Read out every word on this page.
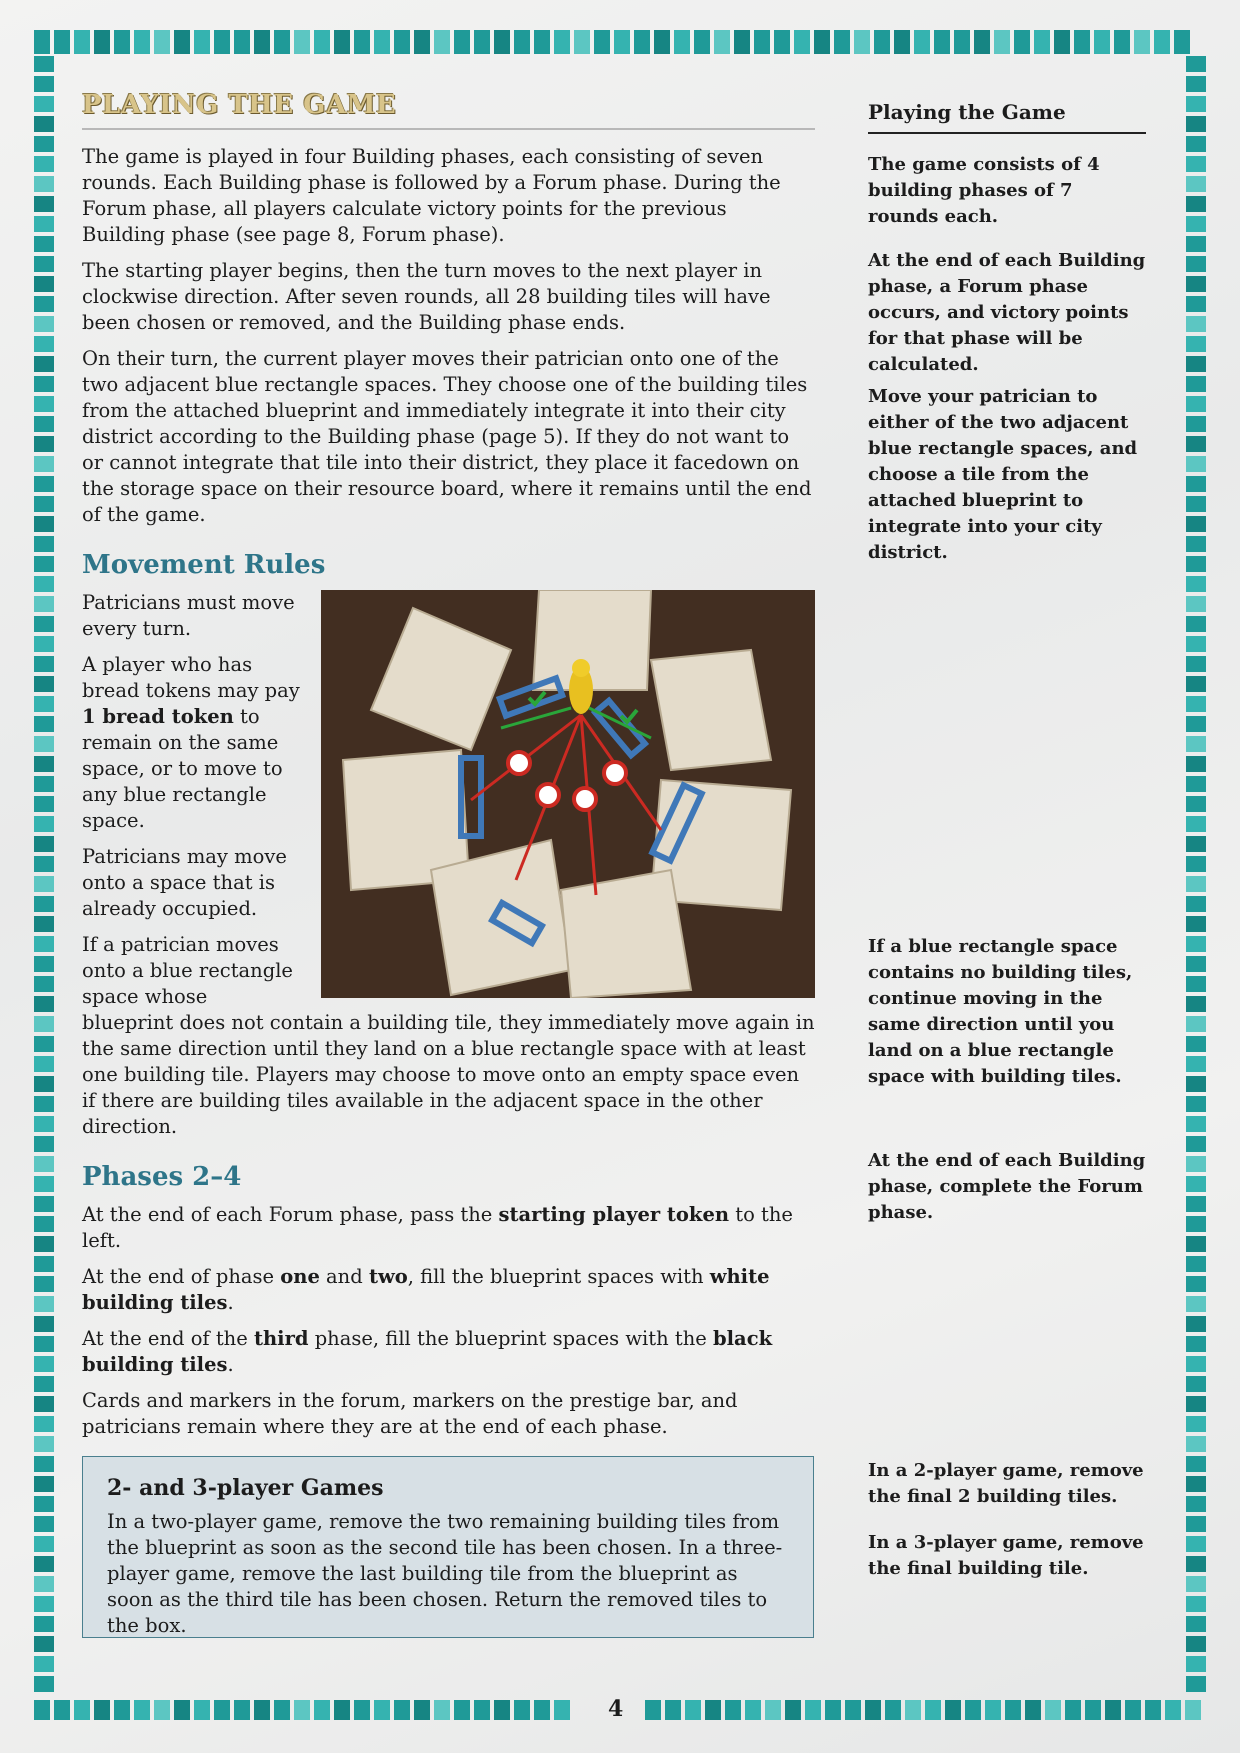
PLAYING THE GAME

The game is played in four Building phases, each consisting of seven rounds. Each Building phase is followed by a Forum phase. During the Forum phase, all players calculate victory points for the previous Building phase (see page 8, Forum phase).

The starting player begins, then the turn moves to the next player in clockwise direction. After seven rounds, all 28 building tiles will have been chosen or removed, and the Building phase ends.

On their turn, the current player moves their patrician onto one of the two adjacent blue rectangle spaces. They choose one of the building tiles from the attached blueprint and immediately integrate it into their city district according to the Building phase (page 5). If they do not want to or cannot integrate that tile into their district, they place it facedown on the storage space on their resource board, where it remains until the end of the game.

Movement Rules

Patricians must move every turn.

A player who has bread tokens may pay 1 bread token to remain on the same space, or to move to any blue rectangle space.

Patricians may move onto a space that is already occupied.

If a patrician moves onto a blue rectangle space whose blueprint does not contain a building tile, they immediately move again in the same direction until they land on a blue rectangle space with at least one building tile. Players may choose to move onto an empty space even if there are building tiles available in the adjacent space in the other direction.

Phases 2–4

At the end of each Forum phase, pass the starting player token to the left.

At the end of phase one and two, fill the blueprint spaces with white building tiles.

At the end of the third phase, fill the blueprint spaces with the black building tiles.

Cards and markers in the forum, markers on the prestige bar, and patricians remain where they are at the end of each phase.

2- and 3-player Games

In a two-player game, remove the two remaining building tiles from the blueprint as soon as the second tile has been chosen. In a three-player game, remove the last building tile from the blueprint as soon as the third tile has been chosen. Return the removed tiles to the box.

Playing the Game

The game consists of 4 building phases of 7 rounds each.

At the end of each Building phase, a Forum phase occurs, and victory points for that phase will be calculated.

Move your patrician to either of the two adjacent blue rectangle spaces, and choose a tile from the attached blueprint to integrate into your city district.

If a blue rectangle space contains no building tiles, continue moving in the same direction until you land on a blue rectangle space with building tiles.

At the end of each Building phase, complete the Forum phase.

In a 2-player game, remove the final 2 building tiles.

In a 3-player game, remove the final building tile.

4
